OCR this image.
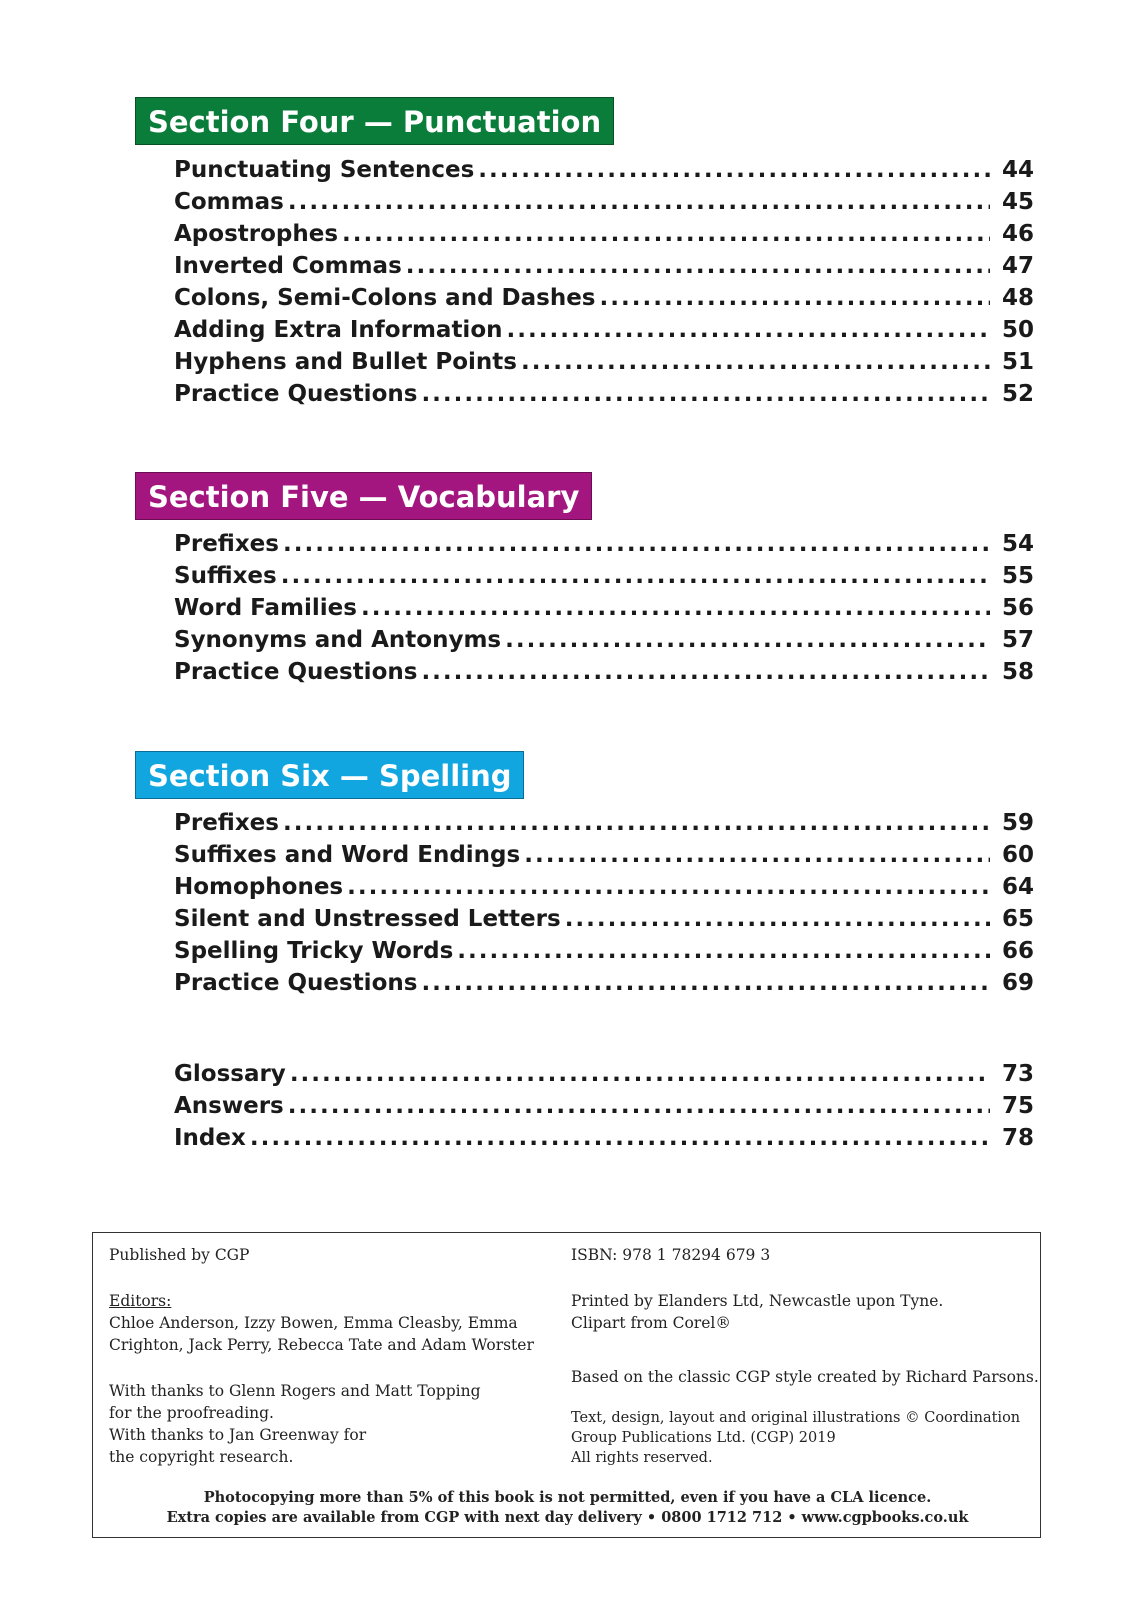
Section Four — Punctuation
Punctuating Sentences . . .	44
Commas . . .	45
Apostrophes . . .	46
Inverted Commas . . .	47
Colons, Semi-Colons and Dashes . . .	48
Adding Extra Information . . .	50
Hyphens and Bullet Points . . .	51
Practice Questions . . .	52
Section Five — Vocabulary
Prefixes . . .	54
Suffixes . . .	55
Word Families . . .	56
Synonyms and Antonyms . . .	57
Practice Questions . . .	58
Section Six — Spelling
Prefixes . . .	59
Suffixes and Word Endings . . .	60
Homophones . . .	64
Silent and Unstressed Letters . . .	65
Spelling Tricky Words . . .	66
Practice Questions . . .	69
Glossary . . .	73
Answers . . .	75
Index . . .	78
Published by CGP
Editors:
Chloe Anderson, Izzy Bowen, Emma Cleasby, Emma
Crighton, Jack Perry, Rebecca Tate and Adam Worster
With thanks to Glenn Rogers and Matt Topping
for the proofreading.
With thanks to Jan Greenway for
the copyright research.
ISBN: 978 1 78294 679 3
Printed by Elanders Ltd, Newcastle upon Tyne.
Clipart from Corel®
Based on the classic CGP style created by Richard Parsons.
Text, design, layout and original illustrations © Coordination
Group Publications Ltd. (CGP) 2019
All rights reserved.
Photocopying more than 5% of this book is not permitted, even if you have a CLA licence.
Extra copies are available from CGP with next day delivery • 0800 1712 712 • www.cgpbooks.co.uk
